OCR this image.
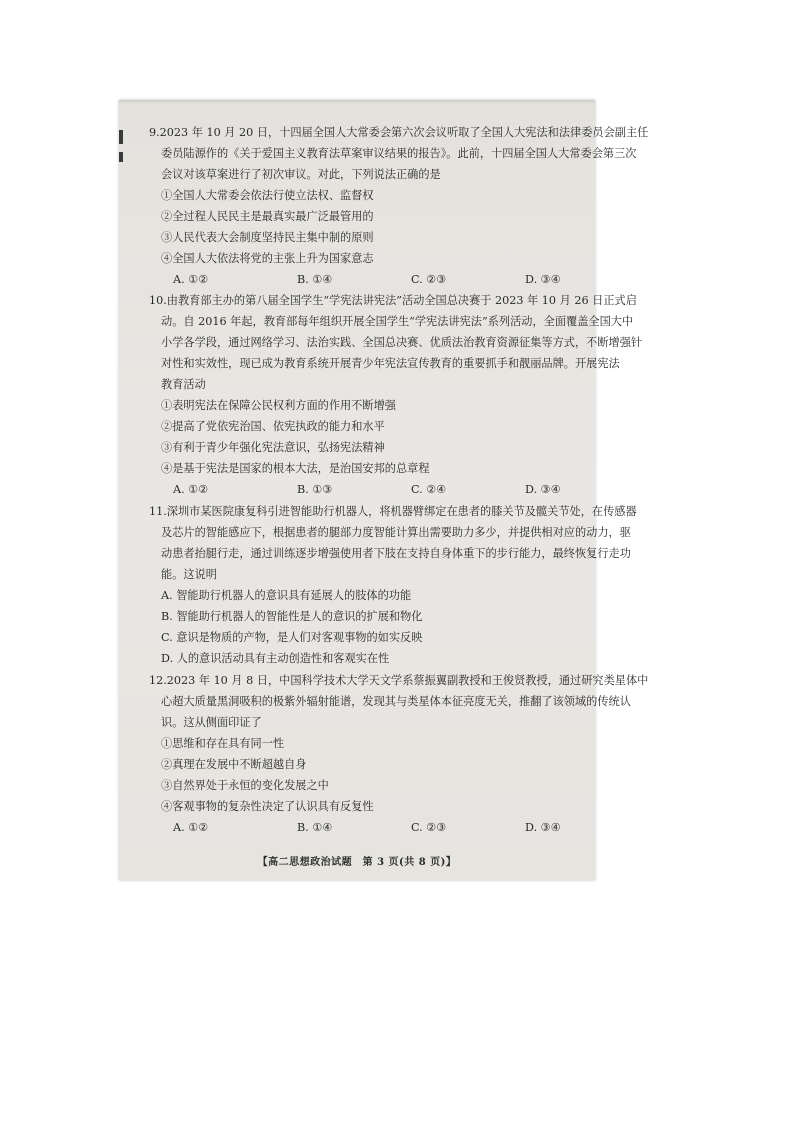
9.2023 年 10 月 20 日，十四届全国人大常委会第六次会议听取了全国人大宪法和法律委员会副主任
委员陆源作的《关于爱国主义教育法草案审议结果的报告》。此前，十四届全国人大常委会第三次
会议对该草案进行了初次审议。对此，下列说法正确的是
①全国人大常委会依法行使立法权、监督权
②全过程人民民主是最真实最广泛最管用的
③人民代表大会制度坚持民主集中制的原则
④全国人大依法将党的主张上升为国家意志
A. ①②	B. ①④	C. ②③	D. ③④
10.由教育部主办的第八届全国学生“学宪法讲宪法”活动全国总决赛于 2023 年 10 月 26 日正式启
动。自 2016 年起，教育部每年组织开展全国学生“学宪法讲宪法”系列活动，全面覆盖全国大中
小学各学段，通过网络学习、法治实践、全国总决赛、优质法治教育资源征集等方式，不断增强针
对性和实效性，现已成为教育系统开展青少年宪法宣传教育的重要抓手和靓丽品牌。开展宪法
教育活动
①表明宪法在保障公民权利方面的作用不断增强
②提高了党依宪治国、依宪执政的能力和水平
③有利于青少年强化宪法意识，弘扬宪法精神
④是基于宪法是国家的根本大法，是治国安邦的总章程
A. ①②	B. ①③	C. ②④	D. ③④
11.深圳市某医院康复科引进智能助行机器人，将机器臂绑定在患者的膝关节及髋关节处，在传感器
及芯片的智能感应下，根据患者的腿部力度智能计算出需要助力多少，并提供相对应的动力，驱
动患者抬腿行走，通过训练逐步增强使用者下肢在支持自身体重下的步行能力，最终恢复行走功
能。这说明
A. 智能助行机器人的意识具有延展人的肢体的功能
B. 智能助行机器人的智能性是人的意识的扩展和物化
C. 意识是物质的产物，是人们对客观事物的如实反映
D. 人的意识活动具有主动创造性和客观实在性
12.2023 年 10 月 8 日，中国科学技术大学天文学系蔡振翼副教授和王俊贤教授，通过研究类星体中
心超大质量黑洞吸积的极紫外辐射能谱，发现其与类星体本征亮度无关，推翻了该领域的传统认
识。这从侧面印证了
①思维和存在具有同一性
②真理在发展中不断超越自身
③自然界处于永恒的变化发展之中
④客观事物的复杂性决定了认识具有反复性
A. ①②	B. ①④	C. ②③	D. ③④
【高二思想政治试题　第 3 页(共 8 页)】
